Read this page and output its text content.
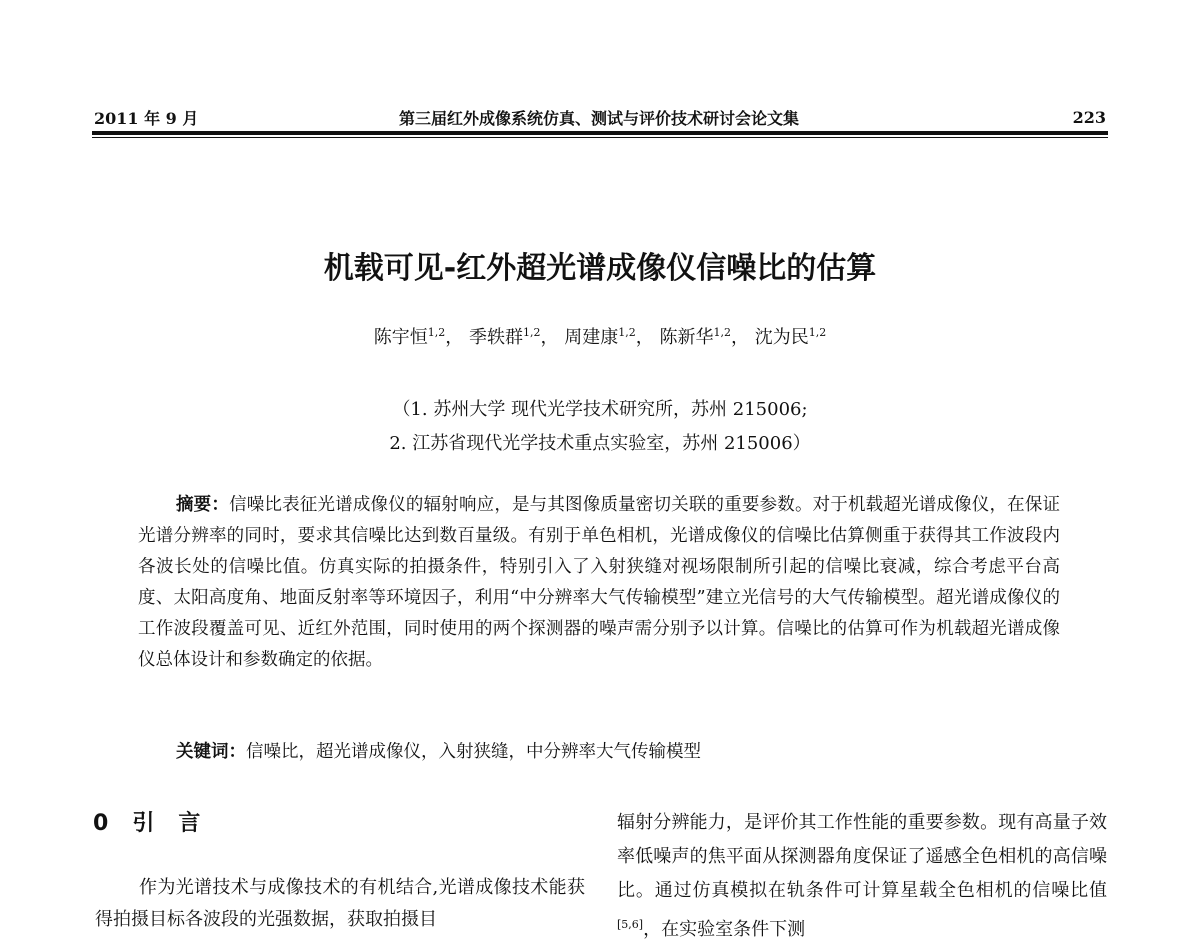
2011 年 9 月	第三届红外成像系统仿真、测试与评价技术研讨会论文集	223
机载可见-红外超光谱成像仪信噪比的估算
陈宇恒$^{1,2}$， 季轶群$^{1,2}$， 周建康$^{1,2}$， 陈新华$^{1,2}$， 沈为民$^{1,2}$
（1. 苏州大学 现代光学技术研究所，苏州 215006;
2. 江苏省现代光学技术重点实验室，苏州 215006）
摘要：信噪比表征光谱成像仪的辐射响应，是与其图像质量密切关联的重要参数。对于机载超光谱成像仪，在保证光谱分辨率的同时，要求其信噪比达到数百量级。有别于单色相机，光谱成像仪的信噪比估算侧重于获得其工作波段内各波长处的信噪比值。仿真实际的拍摄条件，特别引入了入射狭缝对视场限制所引起的信噪比衰减，综合考虑平台高度、太阳高度角、地面反射率等环境因子，利用“中分辨率大气传输模型”建立光信号的大气传输模型。超光谱成像仪的工作波段覆盖可见、近红外范围，同时使用的两个探测器的噪声需分别予以计算。信噪比的估算可作为机载超光谱成像仪总体设计和参数确定的依据。
关键词：信噪比，超光谱成像仪，入射狭缝，中分辨率大气传输模型
0 引 言
作为光谱技术与成像技术的有机结合,光谱成像技术能获得拍摄目标各波段的光强数据，获取拍摄目
辐射分辨能力，是评价其工作性能的重要参数。现有高量子效率低噪声的焦平面从探测器角度保证了遥感全色相机的高信噪比。通过仿真模拟在轨条件可计算星载全色相机的信噪比值[5,6]，在实验室条件下测
